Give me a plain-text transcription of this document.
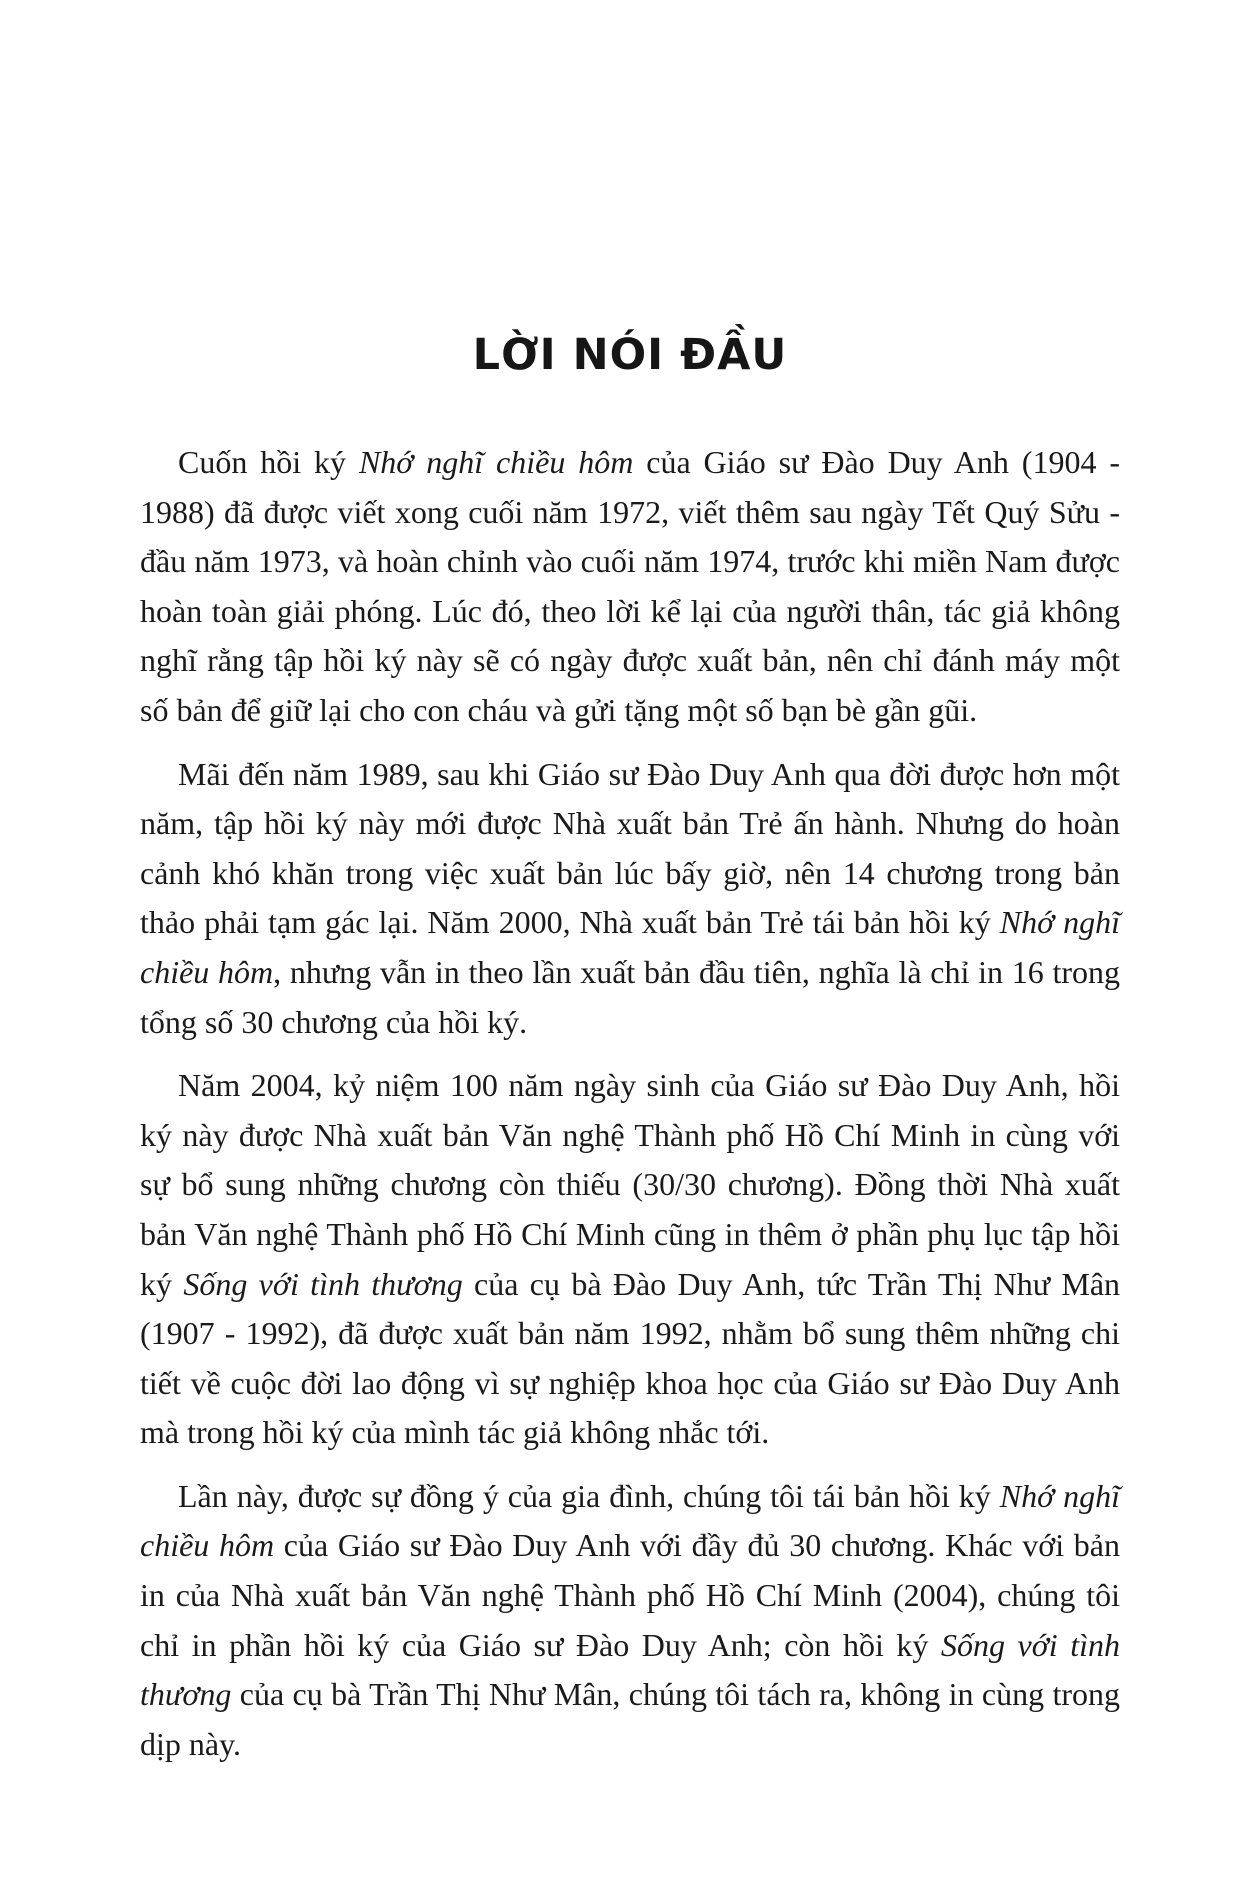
LỜI NÓI ĐẦU

Cuốn hồi ký Nhớ nghĩ chiều hôm của Giáo sư Đào Duy Anh (1904 - 1988) đã được viết xong cuối năm 1972, viết thêm sau ngày Tết Quý Sửu - đầu năm 1973, và hoàn chỉnh vào cuối năm 1974, trước khi miền Nam được hoàn toàn giải phóng. Lúc đó, theo lời kể lại của người thân, tác giả không nghĩ rằng tập hồi ký này sẽ có ngày được xuất bản, nên chỉ đánh máy một số bản để giữ lại cho con cháu và gửi tặng một số bạn bè gần gũi.

Mãi đến năm 1989, sau khi Giáo sư Đào Duy Anh qua đời được hơn một năm, tập hồi ký này mới được Nhà xuất bản Trẻ ấn hành. Nhưng do hoàn cảnh khó khăn trong việc xuất bản lúc bấy giờ, nên 14 chương trong bản thảo phải tạm gác lại. Năm 2000, Nhà xuất bản Trẻ tái bản hồi ký Nhớ nghĩ chiều hôm, nhưng vẫn in theo lần xuất bản đầu tiên, nghĩa là chỉ in 16 trong tổng số 30 chương của hồi ký.

Năm 2004, kỷ niệm 100 năm ngày sinh của Giáo sư Đào Duy Anh, hồi ký này được Nhà xuất bản Văn nghệ Thành phố Hồ Chí Minh in cùng với sự bổ sung những chương còn thiếu (30/30 chương). Đồng thời Nhà xuất bản Văn nghệ Thành phố Hồ Chí Minh cũng in thêm ở phần phụ lục tập hồi ký Sống với tình thương của cụ bà Đào Duy Anh, tức Trần Thị Như Mân (1907 - 1992), đã được xuất bản năm 1992, nhằm bổ sung thêm những chi tiết về cuộc đời lao động vì sự nghiệp khoa học của Giáo sư Đào Duy Anh mà trong hồi ký của mình tác giả không nhắc tới.

Lần này, được sự đồng ý của gia đình, chúng tôi tái bản hồi ký Nhớ nghĩ chiều hôm của Giáo sư Đào Duy Anh với đầy đủ 30 chương. Khác với bản in của Nhà xuất bản Văn nghệ Thành phố Hồ Chí Minh (2004), chúng tôi chỉ in phần hồi ký của Giáo sư Đào Duy Anh; còn hồi ký Sống với tình thương của cụ bà Trần Thị Như Mân, chúng tôi tách ra, không in cùng trong dịp này.
